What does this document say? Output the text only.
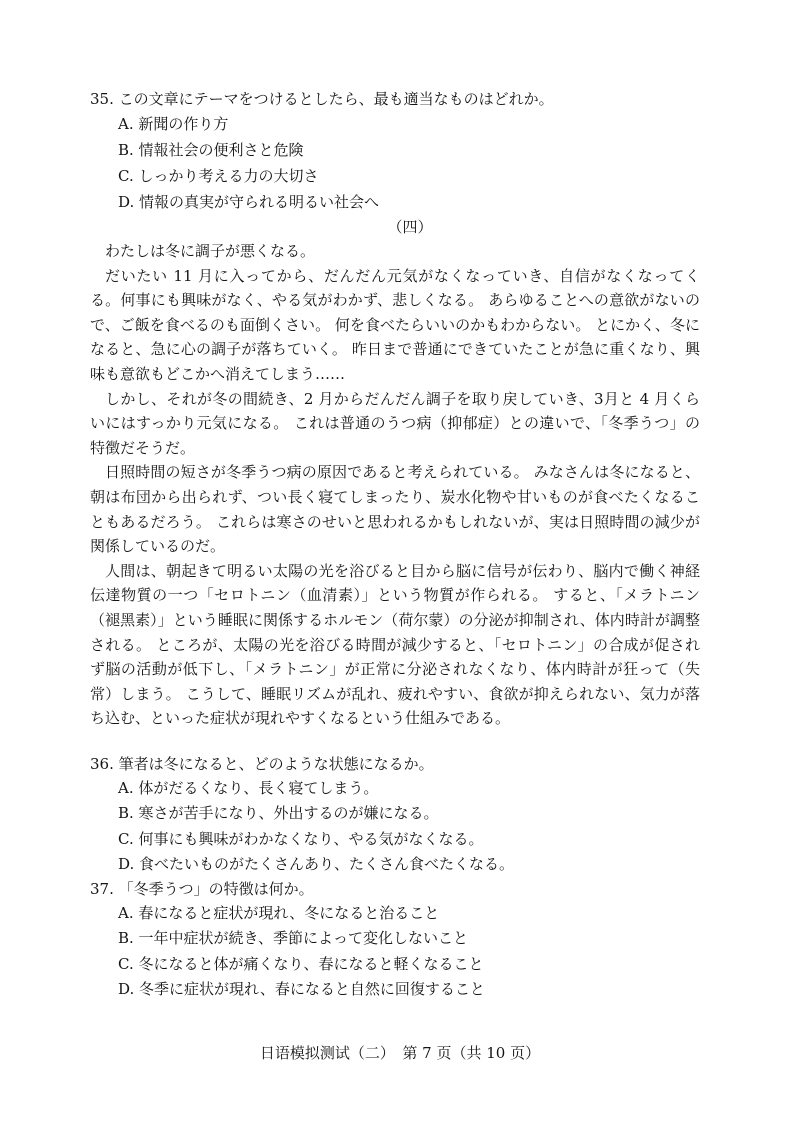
35. この文章にテーマをつけるとしたら、最も適当なものはどれか。

A. 新聞の作り方

B. 情報社会の便利さと危険

C. しっかり考える力の大切さ

D. 情報の真実が守られる明るい社会へ

（四）

わたしは冬に調子が悪くなる。

だいたい 11 月に入ってから、だんだん元気がなくなっていき、自信がなくなってくる。何事にも興味がなく、やる気がわかず、悲しくなる。 あらゆることへの意欲がないので、ご飯を食べるのも面倒くさい。 何を食べたらいいのかもわからない。 とにかく、冬になると、急に心の調子が落ちていく。 昨日まで普通にできていたことが急に重くなり、興味も意欲もどこかへ消えてしまう……

しかし、それが冬の間続き、2 月からだんだん調子を取り戻していき、3月と 4 月くらいにはすっかり元気になる。 これは普通のうつ病（抑郁症）との違いで、「冬季うつ」の特徴だそうだ。

日照時間の短さが冬季うつ病の原因であると考えられている。 みなさんは冬になると、朝は布団から出られず、つい長く寝てしまったり、炭水化物や甘いものが食べたくなることもあるだろう。 これらは寒さのせいと思われるかもしれないが、実は日照時間の減少が関係しているのだ。

人間は、朝起きて明るい太陽の光を浴びると目から脳に信号が伝わり、脳内で働く神経伝達物質の一つ「セロトニン（血清素）」という物質が作られる。 すると、「メラトニン（褪黑素）」という睡眠に関係するホルモン（荷尔蒙）の分泌が抑制され、体内時計が調整される。 ところが、太陽の光を浴びる時間が減少すると、「セロトニン」の合成が促されず脳の活動が低下し、「メラトニン」が正常に分泌されなくなり、体内時計が狂って（失常）しまう。 こうして、睡眠リズムが乱れ、疲れやすい、食欲が抑えられない、気力が落ち込む、といった症状が現れやすくなるという仕組みである。

36. 筆者は冬になると、どのような状態になるか。

A. 体がだるくなり、長く寝てしまう。

B. 寒さが苦手になり、外出するのが嫌になる。

C. 何事にも興味がわかなくなり、やる気がなくなる。

D. 食べたいものがたくさんあり、たくさん食べたくなる。

37. 「冬季うつ」の特徴は何か。

A. 春になると症状が現れ、冬になると治ること

B. 一年中症状が続き、季節によって変化しないこと

C. 冬になると体が痛くなり、春になると軽くなること

D. 冬季に症状が現れ、春になると自然に回復すること

日语模拟测试（二）　第 7 页（共 10 页）
